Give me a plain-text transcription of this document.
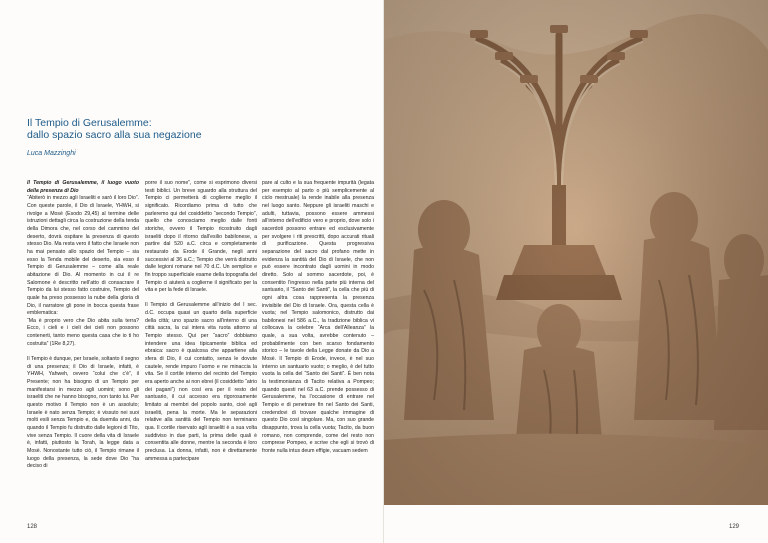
Il Tempio di Gerusalemme:
dallo spazio sacro alla sua negazione
Luca Mazzinghi

Il Tempio di Gerusalemme, il luogo vuoto della presenza di Dio

“Abiterò in mezzo agli Israeliti e sarò il loro Dio”. Con queste parole, il Dio di Israele, YHWH, si rivolge a Mosè (Esodo 29,45) al termine delle istruzioni dettagli circa la costruzione della tenda della Dimora che, nel corso del cammino del deserto, dovrà ospitare la presenza di questo stesso Dio. Ma resta vero il fatto che Israele non ha mai pensato allo spazio del Tempio – sia esso la Tenda mobile del deserto, sia esso il Tempio di Gerusalemme – come alla reale abitazione di Dio. Al momento in cui il re Salomone è descritto nell’atto di consacrare il Tempio da lui stesso fatto costruire, Tempio del quale ha preso possesso la nube della gloria di Dio, il narratore gli pone in bocca questa frase emblematica:

“Ma è proprio vero che Dio abita sulla terra? Ecco, i cieli e i cieli dei cieli non possono contenerti, tanto meno questa casa che io ti ho costruita” (1Re 8,27).

Il Tempio è dunque, per Israele, soltanto il segno di una presenza; il Dio di Israele, infatti, è YHWH, Yahweh, ovvero “colui che c’è”, il Presente; non ha bisogno di un Tempio per manifestarsi in mezzo agli uomini; sono gli israeliti che ne hanno bisogno, non tanto lui. Per questo motivo il Tempio non è un assoluto; Israele è nato senza Tempio; è vissuto nei suoi molti esili senza Tempio e, da duemila anni, da quando il Tempio fu distrutto dalle legioni di Tito, vive senza Tempio. Il cuore della vita di Israele è, infatti, piuttosto la Torah, la legge data a Mosè. Nonostante tutto ciò, il Tempio rimane il luogo della presenza, la sede dove Dio “ha deciso di

porre il suo nome”, come si esprimono diversi testi biblici. Un breve sguardo alla struttura del Tempio ci permetterà di coglierne meglio il significato. Ricordiamo prima di tutto che parleremo qui del cosiddetto “secondo Tempio”, quello che conosciamo meglio dalle fonti storiche, ovvero il Tempio ricostruito dagli israeliti dopo il ritorno dall’esilio babilonese, a partire dal 520 a.C. circa e completamente restaurato da Erode il Grande, negli anni successivi al 36 a.C.; Tempio che verrà distrutto dalle legioni romane nel 70 d.C. Un semplice e fin troppo superficiale esame della topografia del Tempio ci aiuterà a coglierne il significato per la vita e per la fede di Israele.

Il Tempio di Gerusalemme all’inizio del I sec. d.C. occupa quasi un quarto della superficie della città; uno spazio sacro all’interno di una città sacra, la cui intera vita ruota attorno al Tempio stesso. Qui per “sacro” dobbiamo intendere una idea tipicamente biblica ed ebraica: sacro è qualcosa che appartiene alla sfera di Dio, il cui contatto, senza le dovute cautele, rende impuro l’uomo e ne minaccia la vita. Se il cortile interno del recinto del Tempio era aperto anche ai non ebrei (il cosiddetto “atrio dei pagani”) non così era per il resto del santuario, il cui accesso era rigorosamente limitato ai membri del popolo santo, cioè agli israeliti, pena la morte. Ma le separazioni relative alla santità del Tempio non terminano qua. Il cortile riservato agli israeliti è a sua volta suddiviso in due parti, la prima delle quali è consentita alle donne, mentre la seconda è loro preclusa. La donna, infatti, non è direttamente ammessa a partecipare

pare al culto e la sua frequente impurità (legata per esempio al parto o più semplicemente al ciclo mestruale) la rende inabile alla presenza nel luogo santo. Neppure gli israeliti maschi e adulti, tuttavia, possono essere ammessi all’interno dell’edificio vero e proprio, dove solo i sacerdoti possono entrare ed esclusivamente per svolgere i riti prescritti, dopo accurati rituali di purificazione. Questa progressiva separazione del sacro dal profano mette in evidenza la santità del Dio di Israele, che non può essere incontrato dagli uomini in modo diretto. Solo al sommo sacerdote, poi, è consentito l’ingresso nella parte più interna del santuario, il “Santo dei Santi”, la cella che più di ogni altra cosa rappresenta la presenza invisibile del Dio di Israele. Ora, questa cella è vuota; nel Tempio salomonico, distrutto dai babilonesi nel 586 a.C., la tradizione biblica vi collocava la celebre “Arca dell’Alleanza” la quale, a sua volta, avrebbe contenuto – probabilmente con ben scarso fondamento storico – le tavole della Legge donate da Dio a Mosè. Il Tempio di Erode, invece, è nel suo interno un santuario vuoto; o meglio, è del tutto vuota la cella del “Santo dei Santi”. È ben nota la testimonianza di Tacito relativa a Pompeo; quando questi nel 63 a.C. prende possesso di Gerusalemme, ha l’occasione di entrare nel Tempio e di penetrare fin nel Santo dei Santi, credendovi di trovare qualche immagine di questo Dio così singolare. Ma, con suo grande disappunto, trova la cella vuota; Tacito, da buon romano, non comprende, come del resto non comprese Pompeo, e scrive che egli si trovò di fronte nulla intus deum effigie, vacuam sedem

128	129
